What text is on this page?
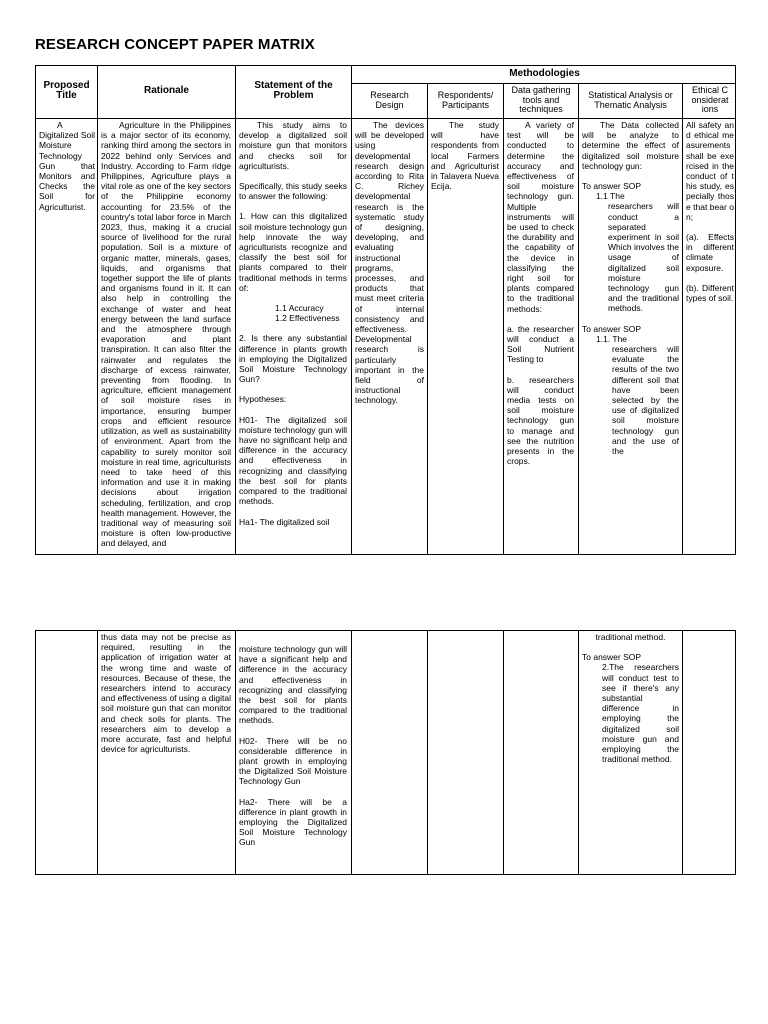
RESEARCH CONCEPT PAPER MATRIX
Proposed Title	Rationale	Statement of the Problem
Methodologies
Research Design
Respondents/ Participants
Data gathering tools and techniques
Statistical Analysis or Thematic Analysis
Ethical Considerations

A Digitalized Soil Moisture Technology Gun that Monitors and Checks the Soil for Agriculturist.

Agriculture in the Philippines is a major sector of its economy, ranking third among the sectors in 2022 behind only Services and Industry. According to Farm ridge Philippines, Agriculture plays a vital role as one of the key sectors of the Philippine economy accounting for 23.5% of the country's total labor force in March 2023, thus, making it a crucial source of livelihood for the rural population. Soil is a mixture of organic matter, minerals, gases, liquids, and organisms that together support the life of plants and organisms found in it. It can also help in controlling the exchange of water and heat energy between the land surface and the atmosphere through evaporation and plant transpiration. It can also filter the rainwater and regulates the discharge of excess rainwater, preventing from flooding. In agriculture, efficient management of soil moisture rises in importance, ensuring bumper crops and efficient resource utilization, as well as sustainability of environment. Apart from the capability to surely monitor soil moisture in real time, agriculturists need to take heed of this information and use it in making decisions about irrigation scheduling, fertilization, and crop health management. However, the traditional way of measuring soil moisture is often low-productive and delayed, and

This study aims to develop a digitalized soil moisture gun that monitors and checks soil for agriculturists.

Specifically, this study seeks to answer the following:

1. How can this digitalized soil moisture technology gun help innovate the way agriculturists recognize and classify the best soil for plants compared to their traditional methods in terms of:

1.1 Accuracy

1.2 Effectiveness

2. Is there any substantial difference in plants growth in employing the Digitalized Soil Moisture Technology Gun?

Hypotheses:

H01- The digitalized soil moisture technology gun will have no significant help and difference in the accuracy and effectiveness in recognizing and classifying the best soil for plants compared to the traditional methods.

Ha1- The digitalized soil

The devices will be developed using developmental research design according to Rita C. Richey developmental research is the systematic study of designing, developing, and evaluating instructional programs, processes, and products that must meet criteria of internal consistency and effectiveness. Developmental research is particularly important in the field of instructional technology.

The study will have respondents from local Farmers and Agriculturist in Talavera Nueva Ecija.

A variety of test will be conducted to determine the accuracy and effectiveness of soil moisture technology gun. Multiple instruments will be used to check the durability and the capability of the device in classifying the right soil for plants compared to the traditional methods:

a. the researcher will conduct a Soil Nutrient Testing to

b. researchers will conduct media tests on soil moisture technology gun to manage and see the nutrition presents in the crops.

The Data collected will be analyze to determine the effect of digitalized soil moisture technology gun:

To answer SOP

1.1 The

researchers will conduct a separated experiment in soil Which involves the usage of digitalized soil moisture technology gun and the traditional methods.

To answer SOP

1.1. The

researchers will evaluate the results of the two different soil that have been selected by the use of digitalized soil moisture technology gun and the use of the

All safety and ethical measurements shall be exercised in the conduct of this study, especially those that bear on;

(a). Effects in different climate exposure.

(b). Different types of soil.

thus data may not be precise as required, resulting in the application of irrigation water at the wrong time and waste of resources. Because of these, the researchers intend to accuracy and effectiveness of using a digital soil moisture gun that can monitor and check soils for plants. The researchers aim to develop a more accurate, fast and helpful device for agriculturists.

moisture technology gun will have a significant help and difference in the accuracy and effectiveness in recognizing and classifying the best soil for plants compared to the traditional methods.

H02- There will be no considerable difference in plant growth in employing the Digitalized Soil Moisture Technology Gun

Ha2- There will be a difference in plant growth in employing the Digitalized Soil Moisture Technology Gun

traditional method.

To answer SOP

2.The researchers will conduct test to see if there's any substantial difference in employing the digitalized soil moisture gun and employing the traditional method.
